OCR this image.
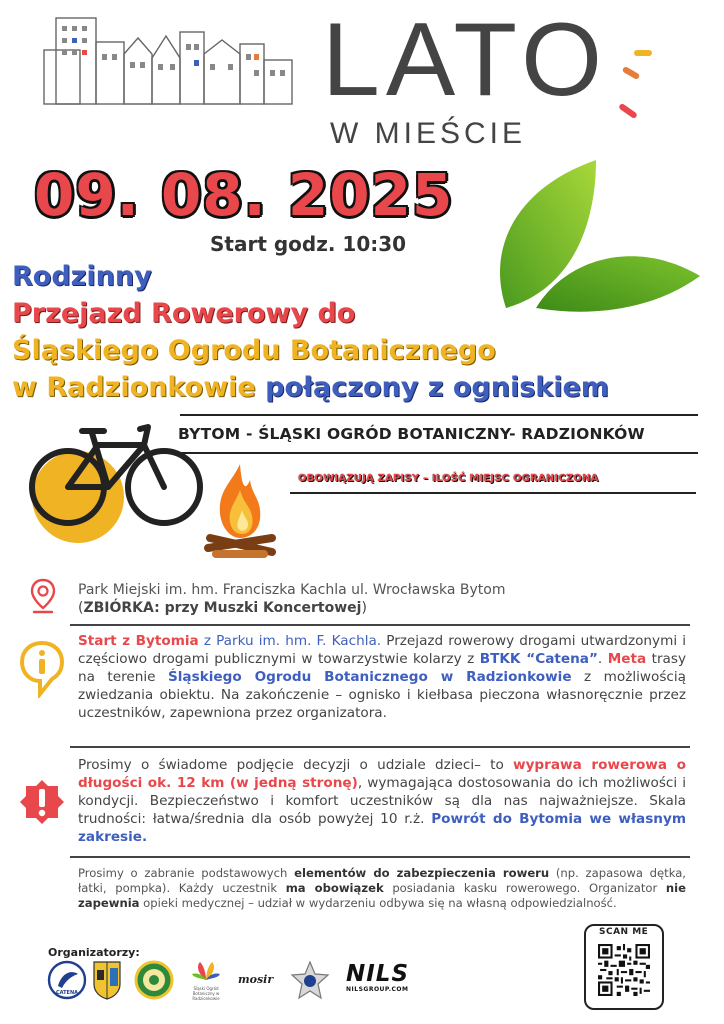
LATO
W MIEŚCIE
09. 08. 2025
Start godz. 10:30
Rodzinny
Przejazd Rowerowy do
Śląskiego Ogrodu Botanicznego
w Radzionkowie połączony z ogniskiem
BYTOM - ŚLĄSKI OGRÓD BOTANICZNY- RADZIONKÓW
OBOWIĄZUJĄ ZAPISY – ILOŚĆ MIEJSC OGRANICZONA
Park Miejski im. hm. Franciszka Kachla ul. Wrocławska Bytom
(ZBIÓRKA: przy Muszki Koncertowej)
Start z Bytomia z Parku im. hm. F. Kachla. Przejazd rowerowy drogami utwardzonymi i częściowo drogami publicznymi w towarzystwie kolarzy z BTKK “Catena”. Meta trasy na terenie Śląskiego Ogrodu Botanicznego w Radzionkowie z możliwością zwiedzania obiektu. Na zakończenie – ognisko i kiełbasa pieczona własnoręcznie przez uczestników, zapewniona przez organizatora.
Prosimy o świadome podjęcie decyzji o udziale dzieci– to wyprawa rowerowa o długości ok. 12 km (w jedną stronę), wymagająca dostosowania do ich możliwości i kondycji. Bezpieczeństwo i komfort uczestników są dla nas najważniejsze. Skala trudności: łatwa/średnia dla osób powyżej 10 r.ż. Powrót do Bytomia we własnym zakresie.
Prosimy o zabranie podstawowych elementów do zabezpieczenia roweru (np. zapasowa dętka, łatki, pompka). Każdy uczestnik ma obowiązek posiadania kasku rowerowego. Organizator nie zapewnia opieki medycznej – udział w wydarzeniu odbywa się na własną odpowiedzialność.
Organizatorzy:
CATENA
Śląski Ogród Botaniczny w Radzionkowie
mosir	NILS
NILSGROUP.COM
SCAN ME
